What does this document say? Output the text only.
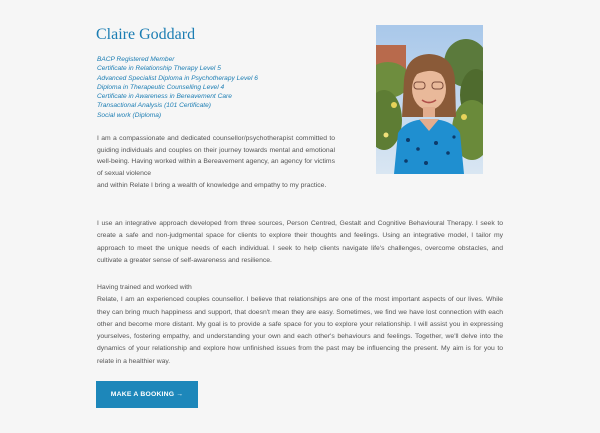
Claire Goddard
BACP Registered Member
Certificate in Relationship Therapy Level 5
Advanced Specialist Diploma in Psychotherapy Level 6
Diploma in Therapeutic Counselling Level 4
Certificate in Awareness in Bereavement Care
Transactional Analysis (101 Certificate)
Social work (Diploma)

I am a compassionate and dedicated counsellor/psychotherapist committed to guiding individuals and couples on their journey towards mental and emotional well-being. Having worked within a Bereavement agency, an agency for victims of sexual violence

and within Relate I bring a wealth of knowledge and empathy to my practice.

I use an integrative approach developed from three sources, Person Centred, Gestalt and Cognitive Behavioural Therapy. I seek to create a safe and non-judgmental space for clients to explore their thoughts and feelings. Using an integrative model, I tailor my approach to meet the unique needs of each individual. I seek to help clients navigate life's challenges, overcome obstacles, and cultivate a greater sense of self-awareness and resilience.

Having trained and worked with

Relate, I am an experienced couples counsellor. I believe that relationships are one of the most important aspects of our lives. While they can bring much happiness and support, that doesn't mean they are easy. Sometimes, we find we have lost connection with each other and become more distant. My goal is to provide a safe space for you to explore your relationship. I will assist you in expressing yourselves, fostering empathy, and understanding your own and each other's behaviours and feelings. Together, we'll delve into the dynamics of your relationship and explore how unfinished issues from the past may be influencing the present. My aim is for you to relate in a healthier way.

MAKE A BOOKING →
